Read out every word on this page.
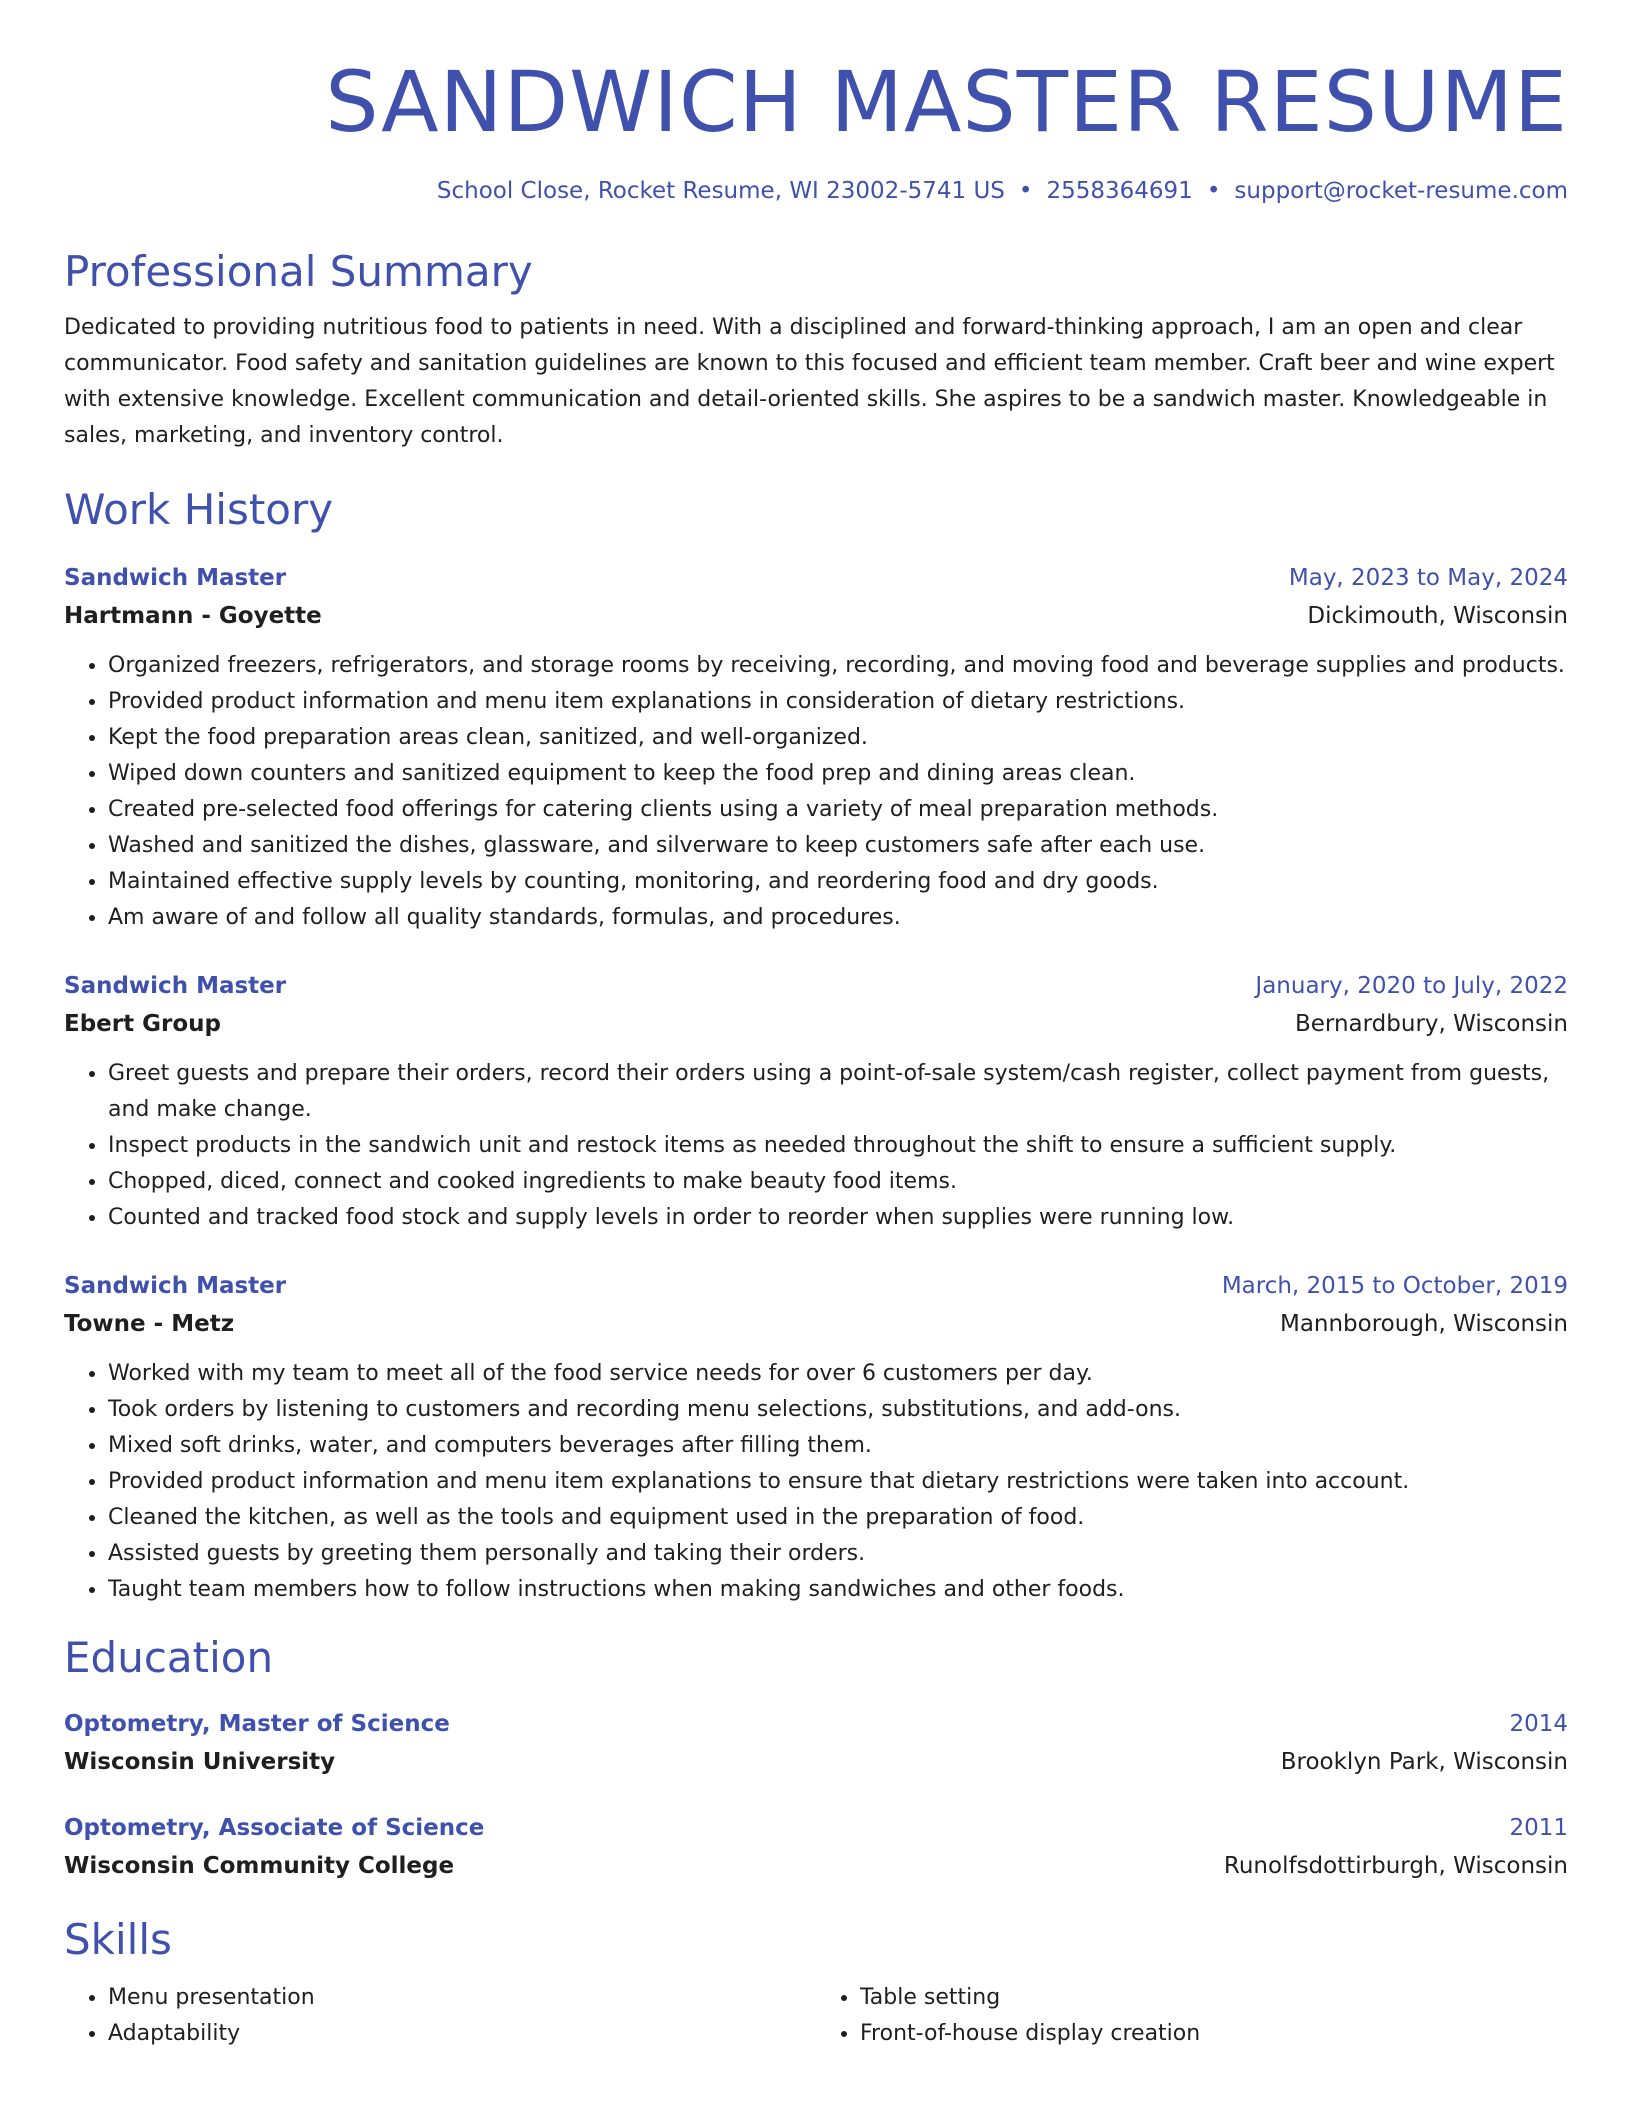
SANDWICH MASTER RESUME
School Close, Rocket Resume, WI 23002-5741 US • 2558364691 • support@rocket-resume.com
Professional Summary
Dedicated to providing nutritious food to patients in need. With a disciplined and forward-thinking approach, I am an open and clear communicator. Food safety and sanitation guidelines are known to this focused and efficient team member. Craft beer and wine expert with extensive knowledge. Excellent communication and detail-oriented skills. She aspires to be a sandwich master. Knowledgeable in sales, marketing, and inventory control.
Work History
Sandwich Master	May, 2023 to May, 2024
Hartmann - Goyette	Dickimouth, Wisconsin
• Organized freezers, refrigerators, and storage rooms by receiving, recording, and moving food and beverage supplies and products.
• Provided product information and menu item explanations in consideration of dietary restrictions.
• Kept the food preparation areas clean, sanitized, and well-organized.
• Wiped down counters and sanitized equipment to keep the food prep and dining areas clean.
• Created pre-selected food offerings for catering clients using a variety of meal preparation methods.
• Washed and sanitized the dishes, glassware, and silverware to keep customers safe after each use.
• Maintained effective supply levels by counting, monitoring, and reordering food and dry goods.
• Am aware of and follow all quality standards, formulas, and procedures.
Sandwich Master	January, 2020 to July, 2022
Ebert Group	Bernardbury, Wisconsin
• Greet guests and prepare their orders, record their orders using a point-of-sale system/cash register, collect payment from guests, and make change.
• Inspect products in the sandwich unit and restock items as needed throughout the shift to ensure a sufficient supply.
• Chopped, diced, connect and cooked ingredients to make beauty food items.
• Counted and tracked food stock and supply levels in order to reorder when supplies were running low.
Sandwich Master	March, 2015 to October, 2019
Towne - Metz	Mannborough, Wisconsin
• Worked with my team to meet all of the food service needs for over 6 customers per day.
• Took orders by listening to customers and recording menu selections, substitutions, and add-ons.
• Mixed soft drinks, water, and computers beverages after filling them.
• Provided product information and menu item explanations to ensure that dietary restrictions were taken into account.
• Cleaned the kitchen, as well as the tools and equipment used in the preparation of food.
• Assisted guests by greeting them personally and taking their orders.
• Taught team members how to follow instructions when making sandwiches and other foods.
Education
Optometry, Master of Science	2014
Wisconsin University	Brooklyn Park, Wisconsin
Optometry, Associate of Science	2011
Wisconsin Community College	Runolfsdottirburgh, Wisconsin
Skills
• Menu presentation
• Adaptability
• Table setting
• Front-of-house display creation
